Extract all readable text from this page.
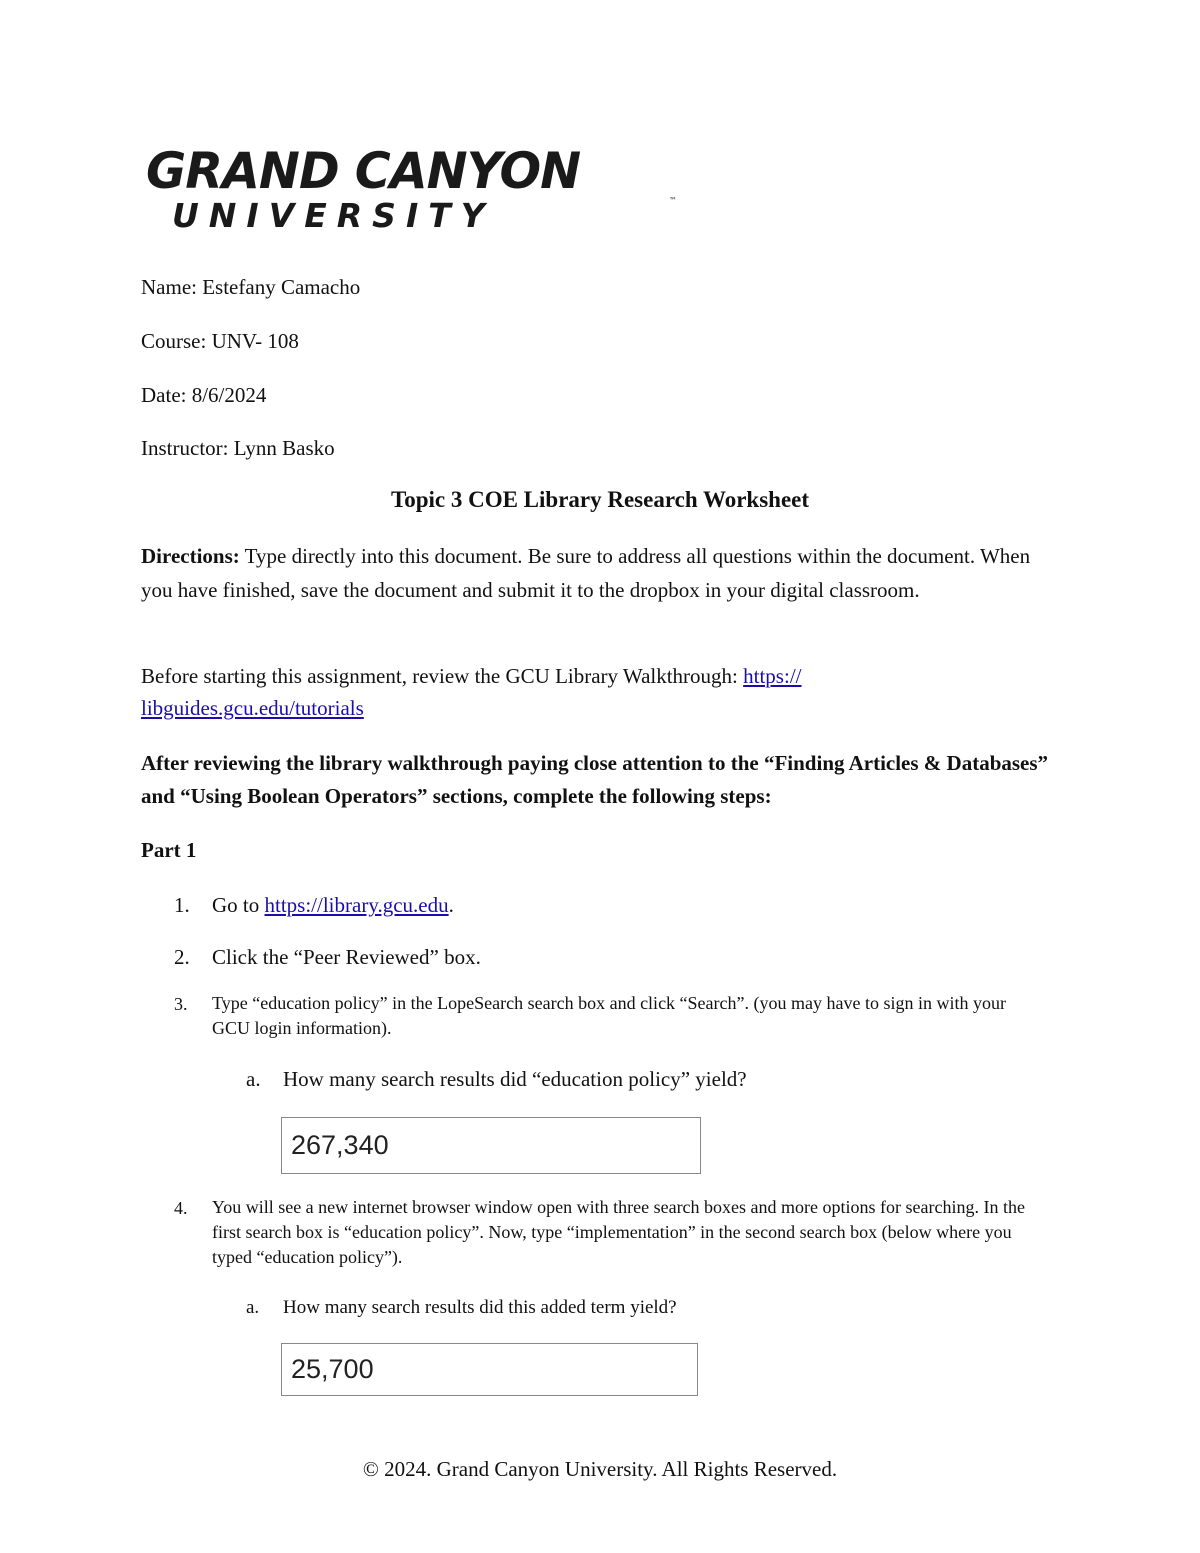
GRAND CANYON
UNIVERSITY	™
Name: Estefany Camacho
Course: UNV- 108
Date: 8/6/2024
Instructor: Lynn Basko
Topic 3 COE Library Research Worksheet
Directions: Type directly into this document. Be sure to address all questions within the document. When you have finished, save the document and submit it to the dropbox in your digital classroom.
Before starting this assignment, review the GCU Library Walkthrough: https://
libguides.gcu.edu/tutorials
After reviewing the library walkthrough paying close attention to the “Finding Articles & Databases” and “Using Boolean Operators” sections, complete the following steps:
Part 1
1. Go to https://library.gcu.edu.
2. Click the “Peer Reviewed” box.
3. Type “education policy” in the LopeSearch search box and click “Search”. (you may have to sign in with your GCU login information).
a. How many search results did “education policy” yield?
267,340
4. You will see a new internet browser window open with three search boxes and more options for searching. In the first search box is “education policy”. Now, type “implementation” in the second search box (below where you typed “education policy”).
a. How many search results did this added term yield?
25,700
© 2024. Grand Canyon University. All Rights Reserved.
